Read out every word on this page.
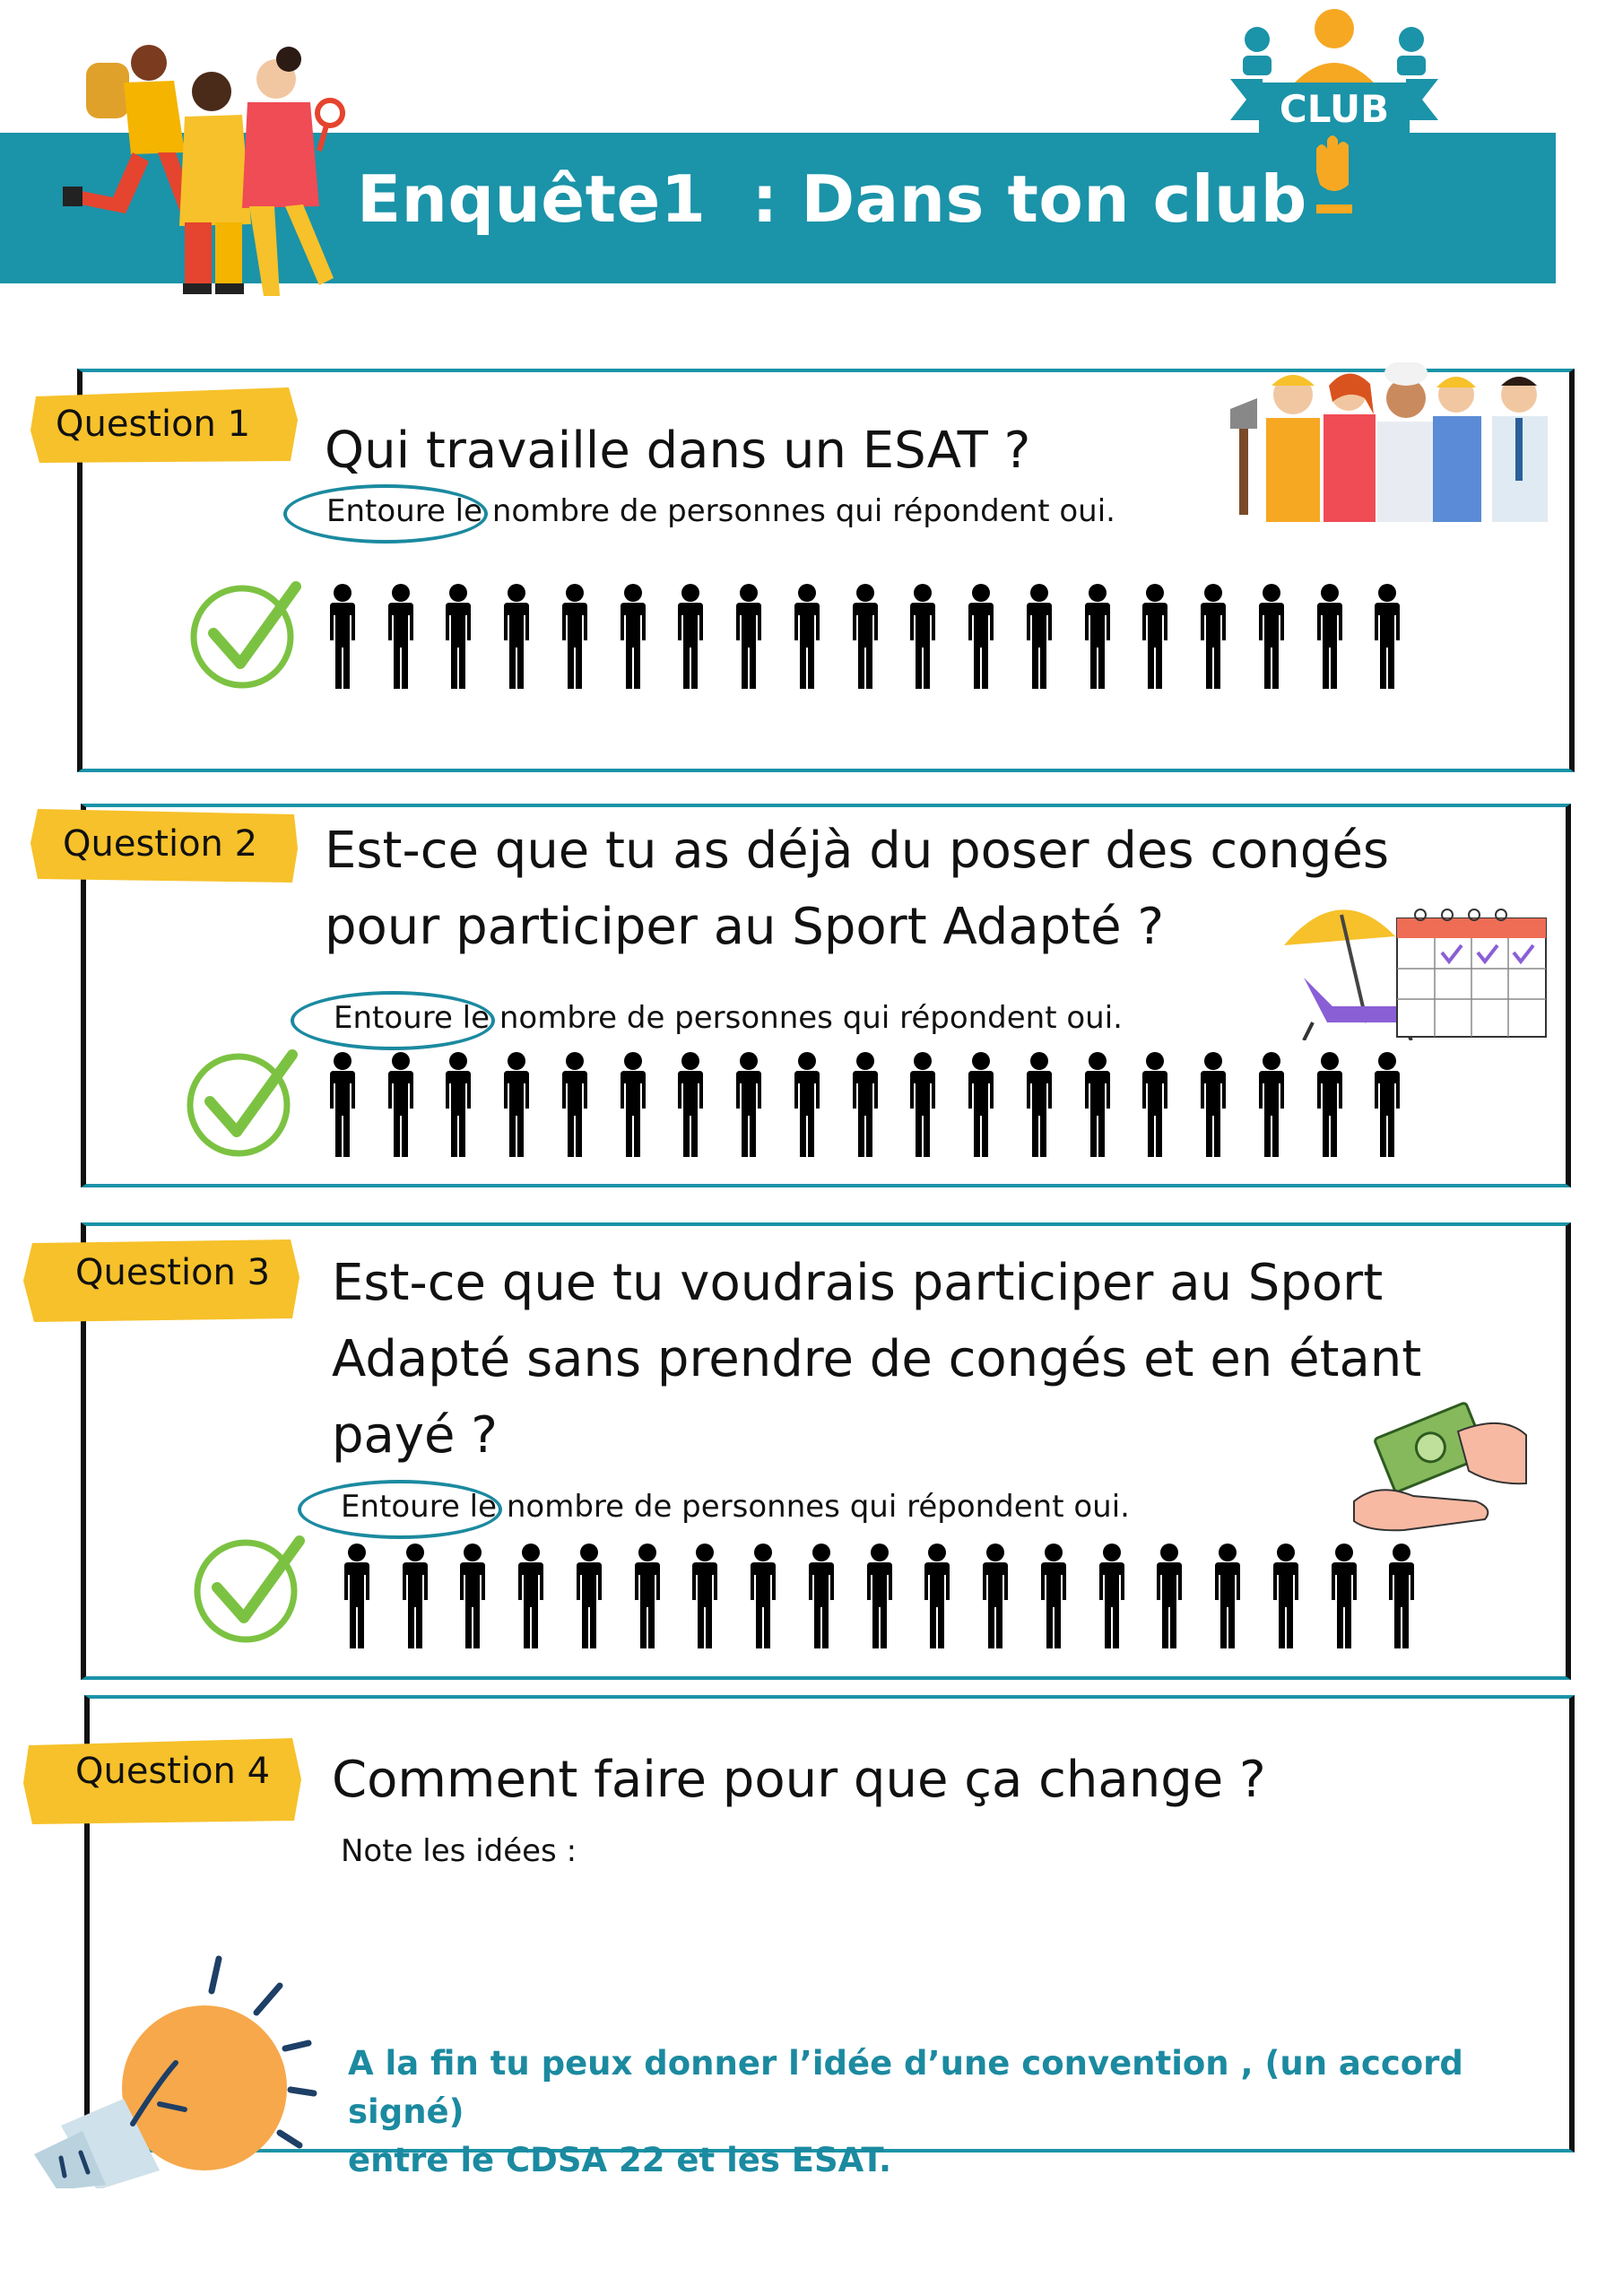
Enquête1  : Dans ton club
CLUB
Question 1 Qui travaille dans un ESAT ?
Entoure le nombre de personnes qui répondent oui.
Question 2 Est-ce que tu as déjà du poser des congés
pour participer au Sport Adapté ?
Entoure le nombre de personnes qui répondent oui.
Question 3 Est-ce que tu voudrais participer au Sport
Adapté sans prendre de congés et en étant
payé ?
Entoure le nombre de personnes qui répondent oui.
Question 4 Comment faire pour que ça change ?
Note les idées :
A la fin tu peux donner l’idée d’une convention , (un accord signé)
entre le CDSA 22 et les ESAT.
